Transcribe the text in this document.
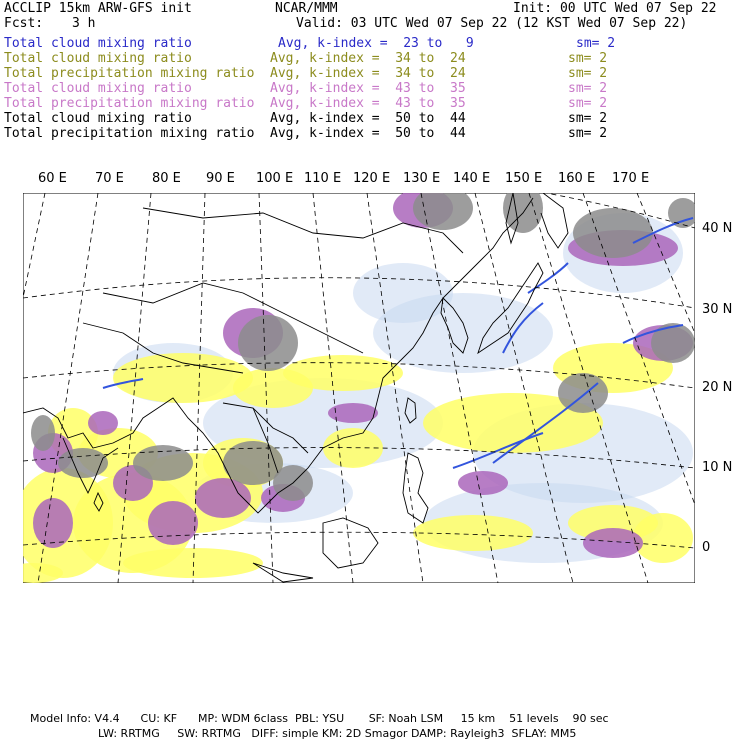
ACCLIP 15km ARW-GFS init	NCAR/MMM	Init: 00 UTC Wed 07 Sep 22
Fcst: 3 h	Valid: 03 UTC Wed 07 Sep 22 (12 KST Wed 07 Sep 22)
Total cloud mixing ratio	Avg, k-index =  23 to   9	sm= 2
Total cloud mixing ratio	Avg, k-index =  34 to  24	sm= 2
Total precipitation mixing ratio Avg, k-index =  34 to  24	sm= 2
Total cloud mixing ratio	Avg, k-index =  43 to  35	sm= 2
Total precipitation mixing ratio Avg, k-index =  43 to  35	sm= 2
Total cloud mixing ratio	Avg, k-index =  50 to  44	sm= 2
Total precipitation mixing ratio Avg, k-index =  50 to  44	sm= 2
60 E 70 E 80 E 90 E 100 E 110 E 120 E 130 E 140 E 150 E 160 E 170 E
40 N
30 N
20 N
10 N
0
Model Info: V4.4      CU: KF      MP: WDM 6class  PBL: YSU       SF: Noah LSM     15 km    51 levels    90 sec
LW: RRTMG     SW: RRTMG   DIFF: simple KM: 2D Smagor DAMP: Rayleigh3  SFLAY: MM5
